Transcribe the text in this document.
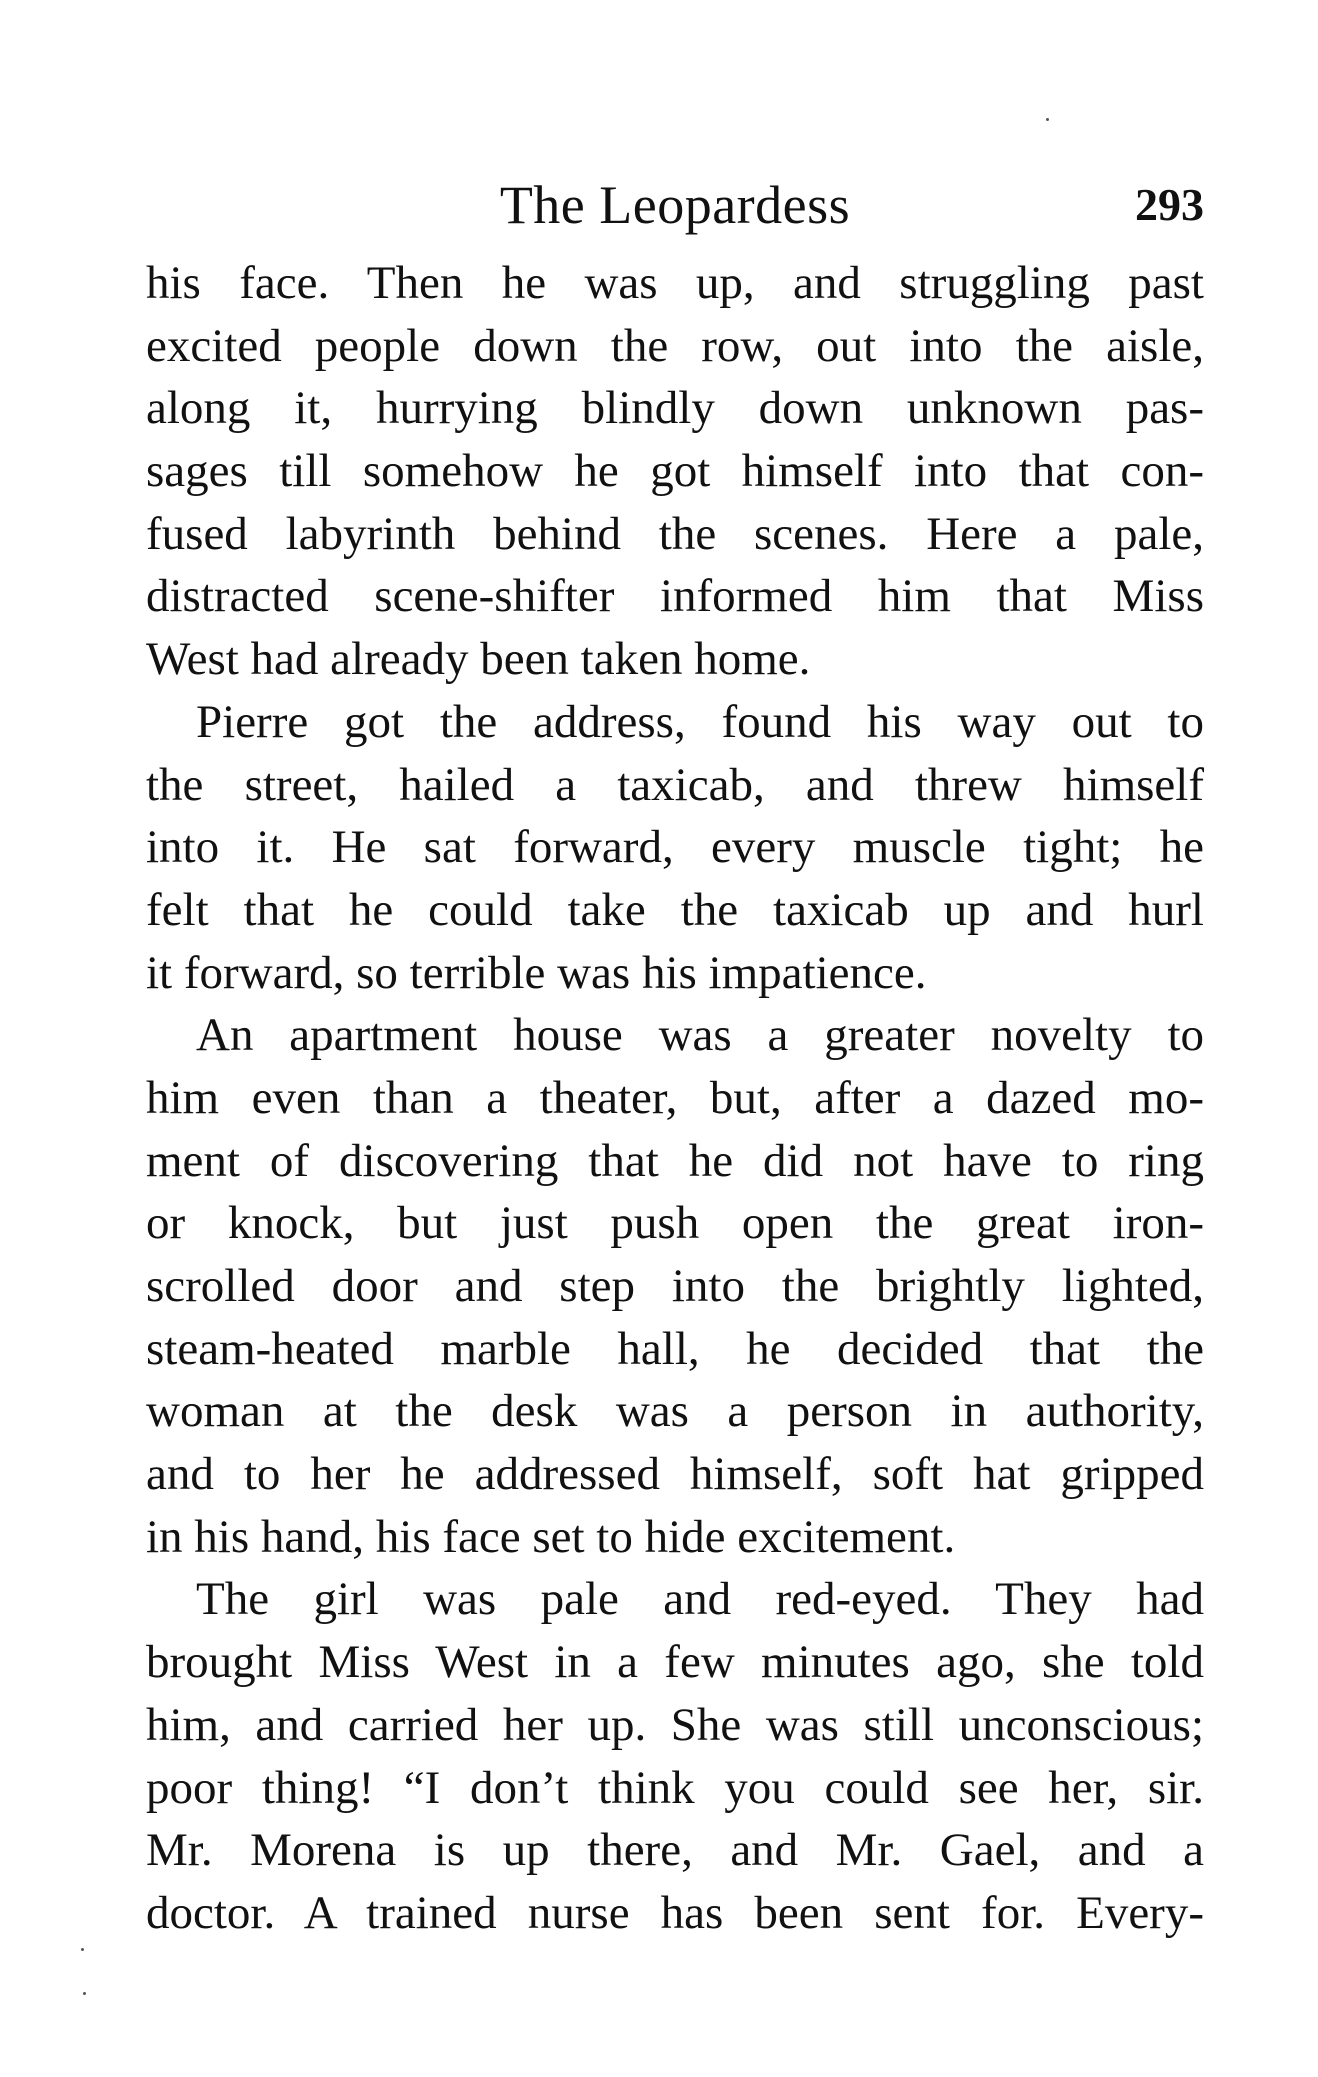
The Leopardess	293
his face. Then he was up, and struggling past
excited people down the row, out into the aisle,
along it, hurrying blindly down unknown pas-
sages till somehow he got himself into that con-
fused labyrinth behind the scenes. Here a pale,
distracted scene-shifter informed him that Miss
West had already been taken home.
Pierre got the address, found his way out to
the street, hailed a taxicab, and threw himself
into it. He sat forward, every muscle tight; he
felt that he could take the taxicab up and hurl
it forward, so terrible was his impatience.
An apartment house was a greater novelty to
him even than a theater, but, after a dazed mo-
ment of discovering that he did not have to ring
or knock, but just push open the great iron-
scrolled door and step into the brightly lighted,
steam-heated marble hall, he decided that the
woman at the desk was a person in authority,
and to her he addressed himself, soft hat gripped
in his hand, his face set to hide excitement.
The girl was pale and red-eyed. They had
brought Miss West in a few minutes ago, she told
him, and carried her up. She was still unconscious;
poor thing! “I don’t think you could see her, sir.
Mr. Morena is up there, and Mr. Gael, and a
doctor. A trained nurse has been sent for. Every-
